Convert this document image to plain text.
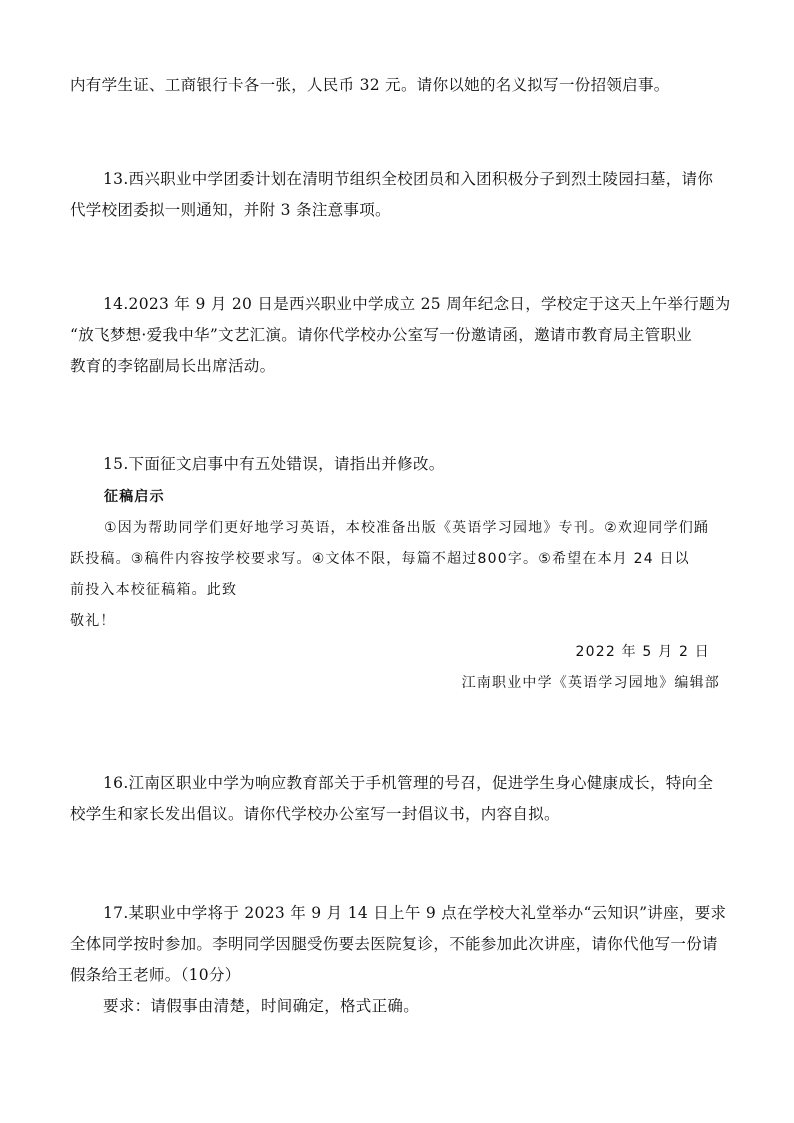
内有学生证、工商银行卡各一张，人民币 32 元。请你以她的名义拟写一份招领启事。
13.西兴职业中学团委计划在清明节组织全校团员和入团积极分子到烈土陵园扫墓，请你
代学校团委拟一则通知，并附 3 条注意事项。
14.2023 年 9 月 20 日是西兴职业中学成立 25 周年纪念日，学校定于这天上午举行题为
“放飞梦想·爱我中华”文艺汇演。请你代学校办公室写一份邀请函，邀请市教育局主管职业
教育的李铭副局长出席活动。
15.下面征文启事中有五处错误，请指出并修改。
征稿启示
①因为帮助同学们更好地学习英语，本校准备出版《英语学习园地》专刊。②欢迎同学们踊
跃投稿。③稿件内容按学校要求写。④文体不限，每篇不超过800字。⑤希望在本月 24 日以
前投入本校征稿箱。此致
敬礼！
2022 年 5 月 2 日
江南职业中学《英语学习园地》编辑部
16.江南区职业中学为响应教育部关于手机管理的号召，促进学生身心健康成长，特向全
校学生和家长发出倡议。请你代学校办公室写一封倡议书，内容自拟。
17.某职业中学将于 2023 年 9 月 14 日上午 9 点在学校大礼堂举办“云知识”讲座，要求
全体同学按时参加。李明同学因腿受伤要去医院复诊，不能参加此次讲座，请你代他写一份请
假条给王老师。（10分）
要求：请假事由清楚，时间确定，格式正确。
